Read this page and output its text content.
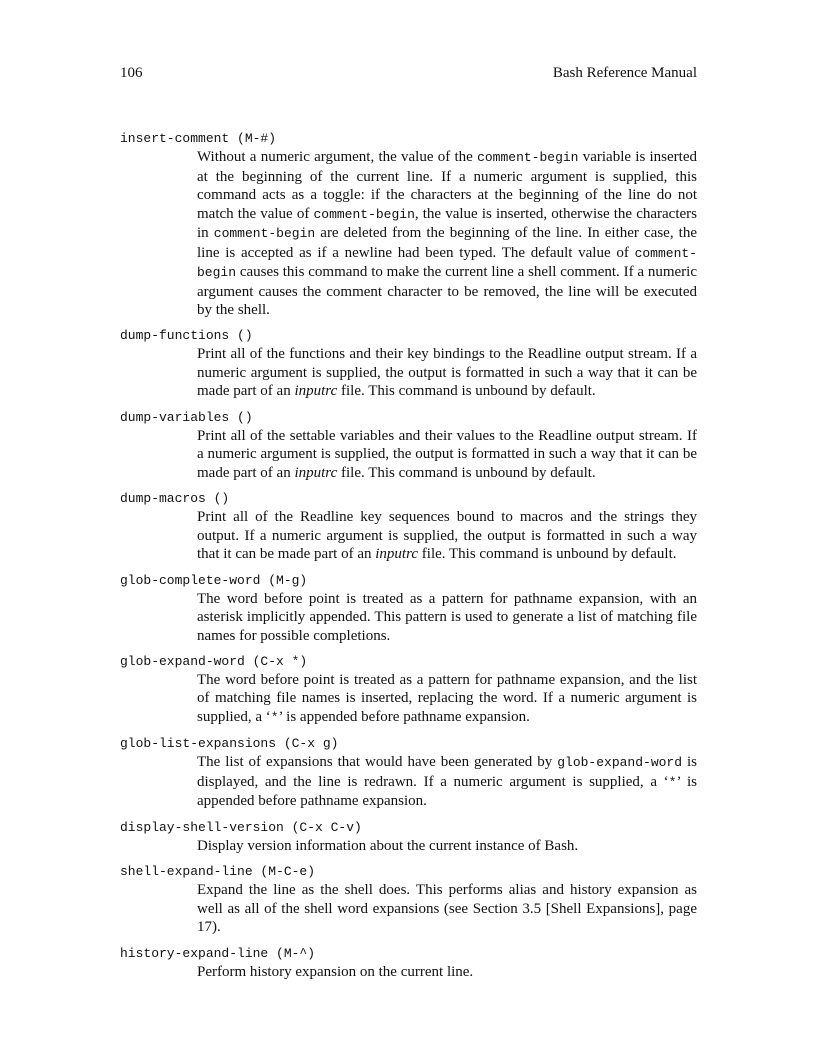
106	Bash Reference Manual
insert-comment (M-#)
Without a numeric argument, the value of the comment-begin variable is inserted at the beginning of the current line. If a numeric argument is supplied, this command acts as a toggle: if the characters at the beginning of the line do not match the value of comment-begin, the value is inserted, otherwise the characters in comment-begin are deleted from the beginning of the line. In either case, the line is accepted as if a newline had been typed. The default value of comment-begin causes this command to make the current line a shell comment. If a numeric argument causes the comment character to be removed, the line will be executed by the shell.
dump-functions ()
Print all of the functions and their key bindings to the Readline output stream. If a numeric argument is supplied, the output is formatted in such a way that it can be made part of an inputrc file. This command is unbound by default.
dump-variables ()
Print all of the settable variables and their values to the Readline output stream. If a numeric argument is supplied, the output is formatted in such a way that it can be made part of an inputrc file. This command is unbound by default.
dump-macros ()
Print all of the Readline key sequences bound to macros and the strings they output. If a numeric argument is supplied, the output is formatted in such a way that it can be made part of an inputrc file. This command is unbound by default.
glob-complete-word (M-g)
The word before point is treated as a pattern for pathname expansion, with an asterisk implicitly appended. This pattern is used to generate a list of matching file names for possible completions.
glob-expand-word (C-x *)
The word before point is treated as a pattern for pathname expansion, and the list of matching file names is inserted, replacing the word. If a numeric argument is supplied, a ‘*’ is appended before pathname expansion.
glob-list-expansions (C-x g)
The list of expansions that would have been generated by glob-expand-word is displayed, and the line is redrawn. If a numeric argument is supplied, a ‘*’ is appended before pathname expansion.
display-shell-version (C-x C-v)
Display version information about the current instance of Bash.
shell-expand-line (M-C-e)
Expand the line as the shell does. This performs alias and history expansion as well as all of the shell word expansions (see Section 3.5 [Shell Expansions], page 17).
history-expand-line (M-^)
Perform history expansion on the current line.
